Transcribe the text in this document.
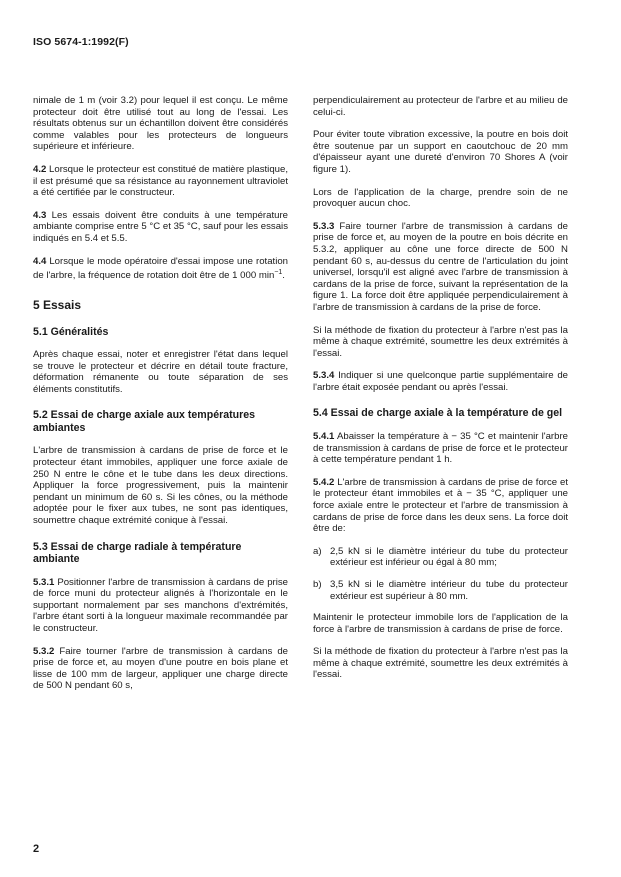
ISO 5674-1:1992(F)

nimale de 1 m (voir 3.2) pour lequel il est conçu. Le même protecteur doit être utilisé tout au long de l'essai. Les résultats obtenus sur un échantillon doivent être considérés comme valables pour les protecteurs de longueurs supérieure et inférieure.

4.2 Lorsque le protecteur est constitué de matière plastique, il est présumé que sa résistance au rayonnement ultraviolet a été certifiée par le constructeur.

4.3 Les essais doivent être conduits à une température ambiante comprise entre 5 °C et 35 °C, sauf pour les essais indiqués en 5.4 et 5.5.

4.4 Lorsque le mode opératoire d'essai impose une rotation de l'arbre, la fréquence de rotation doit être de 1 000 $\min^{-1}$.

5 Essais
5.1 Généralités

Après chaque essai, noter et enregistrer l'état dans lequel se trouve le protecteur et décrire en détail toute fracture, déformation rémanente ou toute séparation de ses éléments constitutifs.

5.2 Essai de charge axiale aux températures ambiantes

L'arbre de transmission à cardans de prise de force et le protecteur étant immobiles, appliquer une force axiale de 250 N entre le cône et le tube dans les deux directions. Appliquer la force progressivement, puis la maintenir pendant un minimum de 60 s. Si les cônes, ou la méthode adoptée pour le fixer aux tubes, ne sont pas identiques, soumettre chaque extrémité conique à l'essai.

5.3 Essai de charge radiale à température ambiante

5.3.1 Positionner l'arbre de transmission à cardans de prise de force muni du protecteur alignés à l'horizontale en le supportant normalement par ses manchons d'extrémités, l'arbre étant sorti à la longueur maximale recommandée par le constructeur.

5.3.2 Faire tourner l'arbre de transmission à cardans de prise de force et, au moyen d'une poutre en bois plane et lisse de 100 mm de largeur, appliquer une charge directe de 500 N pendant 60 s,

perpendiculairement au protecteur de l'arbre et au milieu de celui-ci.

Pour éviter toute vibration excessive, la poutre en bois doit être soutenue par un support en caoutchouc de 20 mm d'épaisseur ayant une dureté d'environ 70 Shores A (voir figure 1).

Lors de l'application de la charge, prendre soin de ne provoquer aucun choc.

5.3.3 Faire tourner l'arbre de transmission à cardans de prise de force et, au moyen de la poutre en bois décrite en 5.3.2, appliquer au cône une force directe de 500 N pendant 60 s, au-dessus du centre de l'articulation du joint universel, lorsqu'il est aligné avec l'arbre de transmission à cardans de la prise de force, suivant la représentation de la figure 1. La force doit être appliquée perpendiculairement à l'arbre de transmission à cardans de la prise de force.

Si la méthode de fixation du protecteur à l'arbre n'est pas la même à chaque extrémité, soumettre les deux extrémités à l'essai.

5.3.4 Indiquer si une quelconque partie supplémentaire de l'arbre était exposée pendant ou après l'essai.

5.4 Essai de charge axiale à la température de gel

5.4.1 Abaisser la température à − 35 °C et maintenir l'arbre de transmission à cardans de prise de force et le protecteur à cette température pendant 1 h.

5.4.2 L'arbre de transmission à cardans de prise de force et le protecteur étant immobiles et à − 35 °C, appliquer une force axiale entre le protecteur et l'arbre de transmission à cardans de prise de force dans les deux sens. La force doit être de:

a) 2,5 kN si le diamètre intérieur du tube du protecteur extérieur est inférieur ou égal à 80 mm;
b) 3,5 kN si le diamètre intérieur du tube du protecteur extérieur est supérieur à 80 mm.

Maintenir le protecteur immobile lors de l'application de la force à l'arbre de transmission à cardans de prise de force.

Si la méthode de fixation du protecteur à l'arbre n'est pas la même à chaque extrémité, soumettre les deux extrémités à l'essai.

2
